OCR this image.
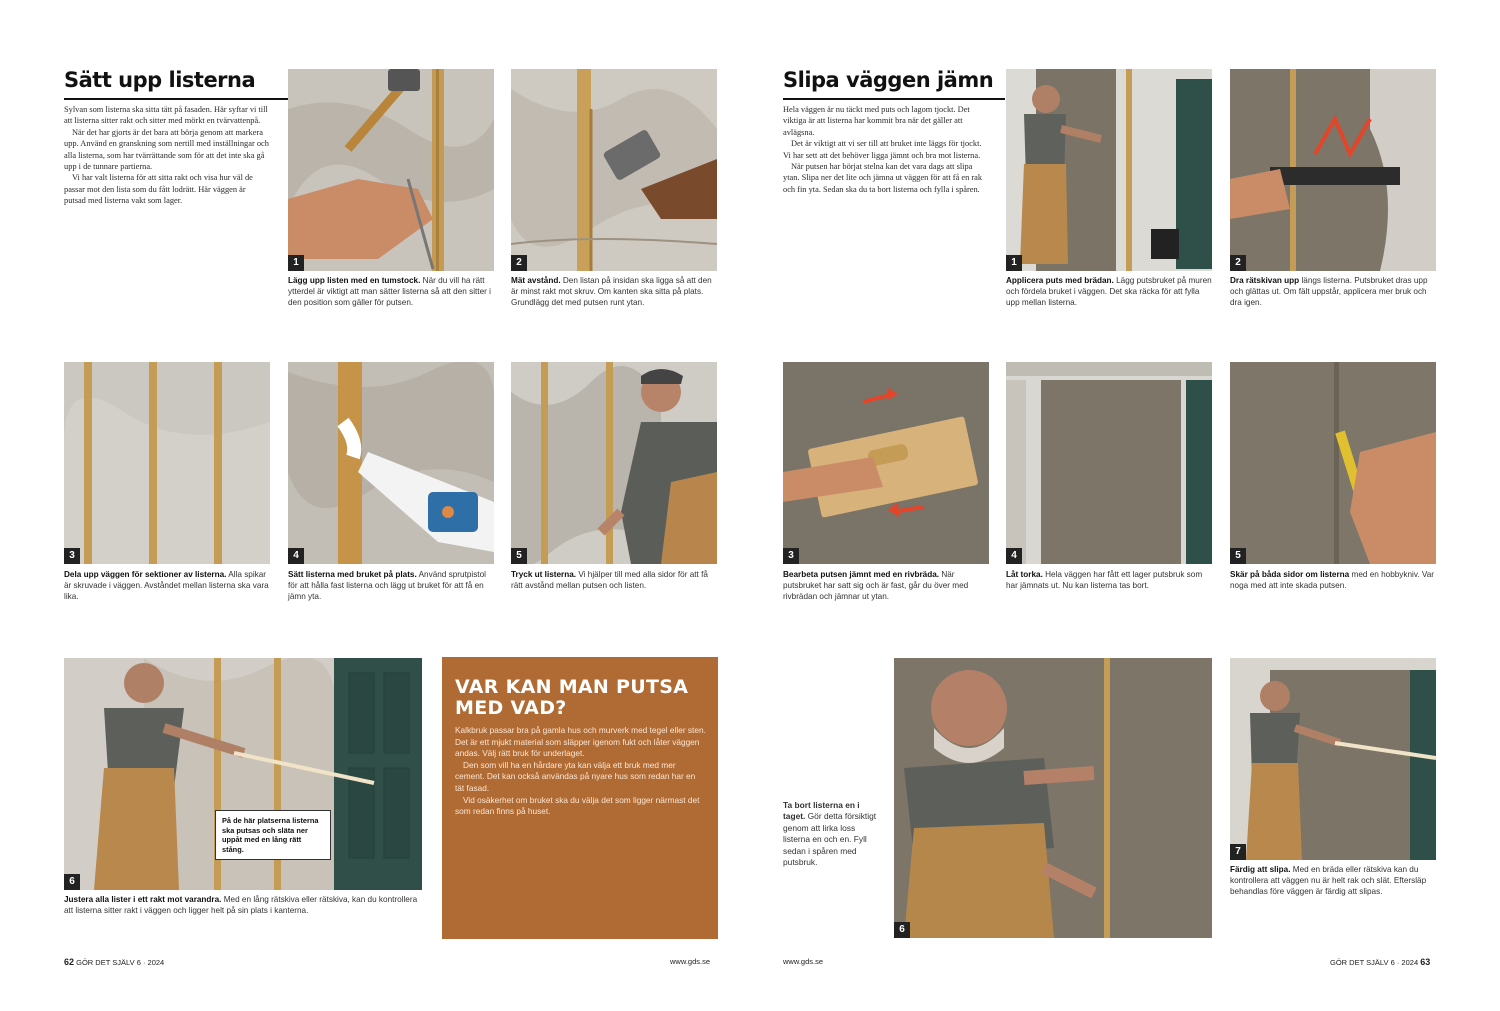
Sätt upp listerna

Sylvan som listerna ska sitta tätt på fasaden. Här syftar vi till att listerna sitter rakt och sitter med mörkt en tvärvattenpå.

När det har gjorts är det bara att börja genom att markera upp. Använd en granskning som nertill med inställningar och alla listerna, som har tvärrättande som för att det inte ska gå upp i de tunnare partierna.

Vi har valt listerna för att sitta rakt och visa hur väl de passar mot den lista som du fått lodrätt. Här väggen är putsad med listerna vakt som lager.

1
Lägg upp listen med en tumstock. När du vill ha rätt ytterdel är viktigt att man sätter listerna så att den sitter i den position som gäller för putsen.
2
Mät avstånd. Den listan på insidan ska ligga så att den är minst rakt mot skruv. Om kanten ska sitta på plats. Grundlägg det med putsen runt ytan.
3
Dela upp väggen för sektioner av listerna. Alla spikar är skruvade i väggen. Avståndet mellan listerna ska vara lika.
4
Sätt listerna med bruket på plats. Använd sprutpistol för att hålla fast listerna och lägg ut bruket för att få en jämn yta.
5
Tryck ut listerna. Vi hjälper till med alla sidor för att få rätt avstånd mellan putsen och listen.
6
På de här platserna listerna ska putsas och släta ner uppåt med en lång rätt stång.
Justera alla lister i ett rakt mot varandra. Med en lång rätskiva eller rätskiva, kan du kontrollera att listerna sitter rakt i väggen och ligger helt på sin plats i kanterna.
VAR KAN MAN PUTSA MED VAD?

Kalkbruk passar bra på gamla hus och murverk med tegel eller sten. Det är ett mjukt material som släpper igenom fukt och låter väggen andas. Välj rätt bruk för underlaget.

Den som vill ha en hårdare yta kan välja ett bruk med mer cement. Det kan också användas på nyare hus som redan har en tät fasad.

Vid osäkerhet om bruket ska du välja det som ligger närmast det som redan finns på huset.

62 GÖR DET SJÄLV 6 · 2024	www.gds.se
Slipa väggen jämn

Hela väggen är nu täckt med puts och lagom tjockt. Det viktiga är att listerna har kommit bra när det gäller att avlägsna.

Det är viktigt att vi ser till att bruket inte läggs för tjockt. Vi har sett att det behöver ligga jämnt och bra mot listerna.

När putsen har börjat stelna kan det vara dags att slipa ytan. Slipa ner det lite och jämna ut väggen för att få en rak och fin yta. Sedan ska du ta bort listerna och fylla i spåren.

1
Applicera puts med brädan. Lägg putsbruket på muren och fördela bruket i väggen. Det ska räcka för att fylla upp mellan listerna.
2
Dra rätskivan upp längs listerna. Putsbruket dras upp och glättas ut. Om fält uppstår, applicera mer bruk och dra igen.
3
Bearbeta putsen jämnt med en rivbräda. När putsbruket har satt sig och är fast, går du över med rivbrädan och jämnar ut ytan.
4
Låt torka. Hela väggen har fått ett lager putsbruk som har jämnats ut. Nu kan listerna tas bort.
5
Skär på båda sidor om listerna med en hobbykniv. Var noga med att inte skada putsen.
Ta bort listerna en i taget. Gör detta försiktigt genom att lirka loss listerna en och en. Fyll sedan i spåren med putsbruk.
6
7
Färdig att slipa. Med en bräda eller rätskiva kan du kontrollera att väggen nu är helt rak och slät. Eftersläp behandlas före väggen är färdig att slipas.
www.gds.se	GÖR DET SJÄLV 6 · 2024 63
